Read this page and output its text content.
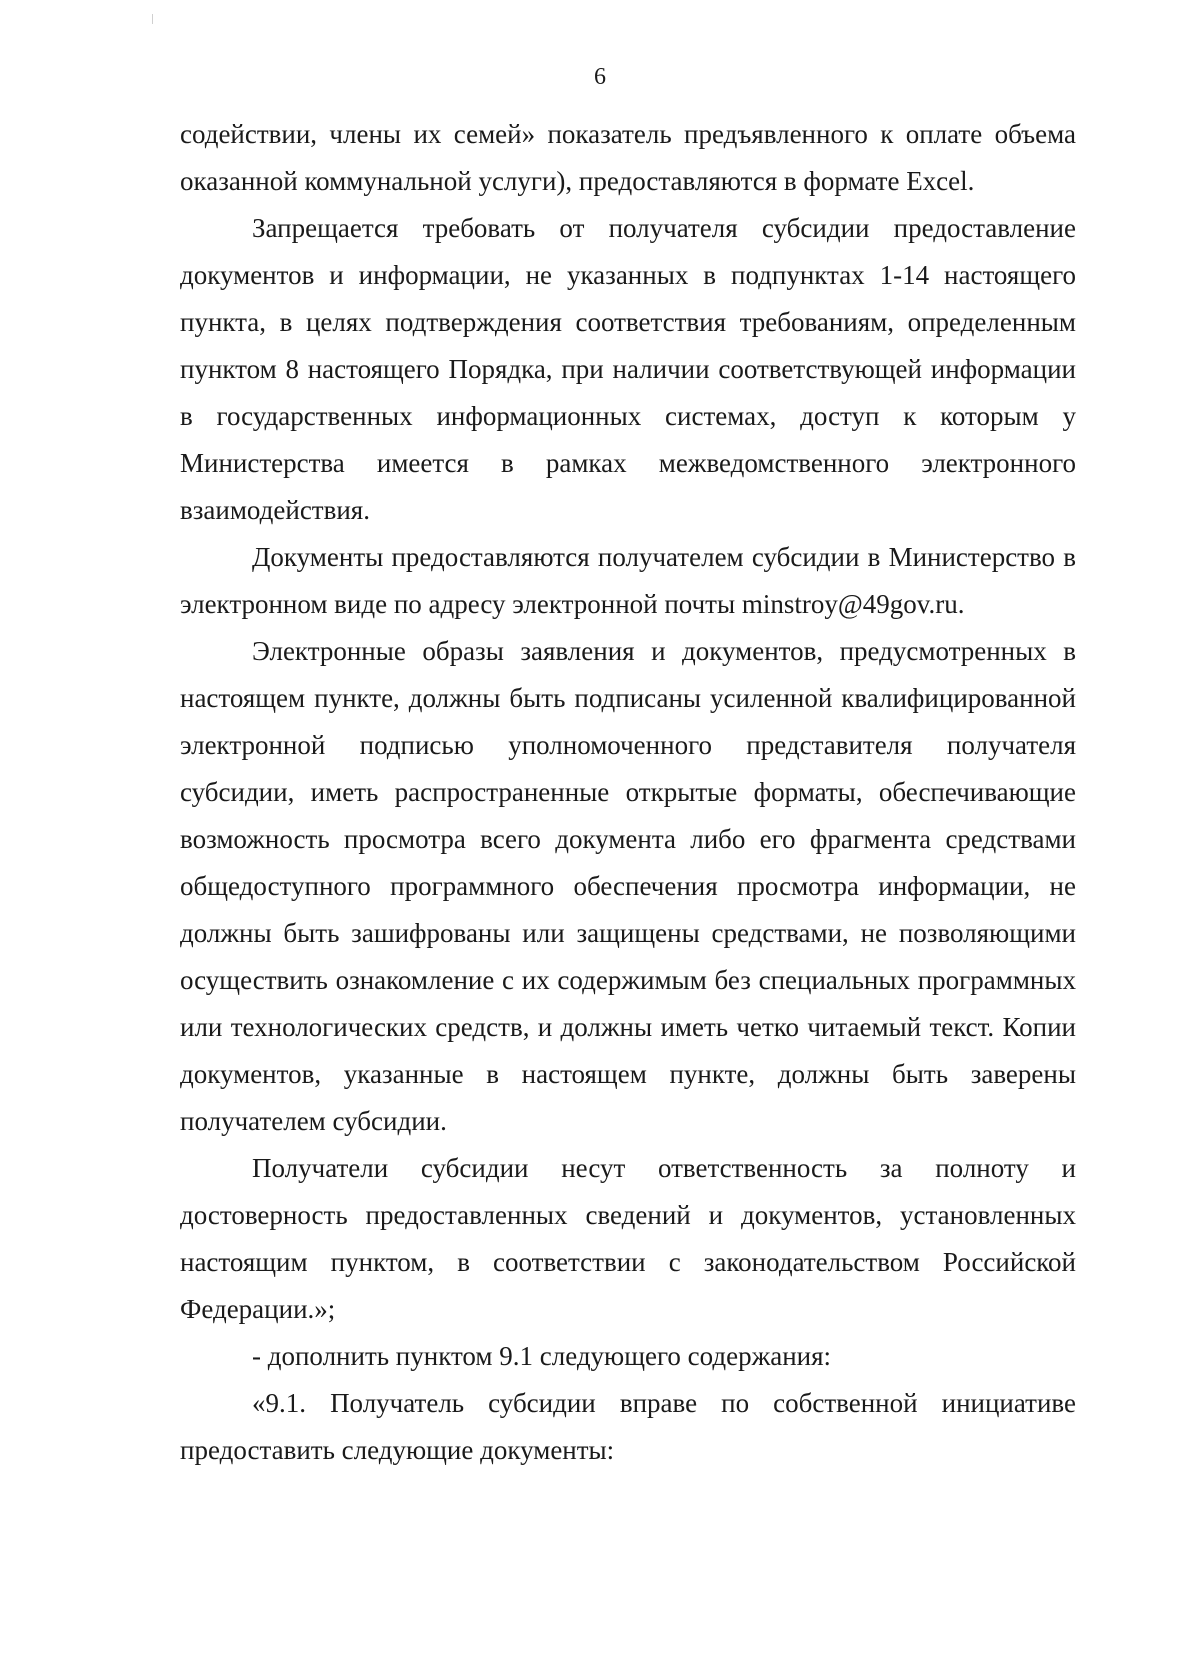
6

содействии, члены их семей» показатель предъявленного к оплате объема оказанной коммунальной услуги), предоставляются в формате Excel.

Запрещается требовать от получателя субсидии предоставление документов и информации, не указанных в подпунктах 1-14 настоящего пункта, в целях подтверждения соответствия требованиям, определенным пунктом 8 настоящего Порядка, при наличии соответствующей информации в государственных информационных системах, доступ к которым у Министерства имеется в рамках межведомственного электронного взаимодействия.

Документы предоставляются получателем субсидии в Министерство в электронном виде по адресу электронной почты minstroy@49gov.ru.

Электронные образы заявления и документов, предусмотренных в настоящем пункте, должны быть подписаны усиленной квалифицированной электронной подписью уполномоченного представителя получателя субсидии, иметь распространенные открытые форматы, обеспечивающие возможность просмотра всего документа либо его фрагмента средствами общедоступного программного обеспечения просмотра информации, не должны быть зашифрованы или защищены средствами, не позволяющими осуществить ознакомление с их содержимым без специальных программных или технологических средств, и должны иметь четко читаемый текст. Копии документов, указанные в настоящем пункте, должны быть заверены получателем субсидии.

Получатели субсидии несут ответственность за полноту и достоверность предоставленных сведений и документов, установленных настоящим пунктом, в соответствии с законодательством Российской Федерации.»;

- дополнить пунктом 9.1 следующего содержания:

«9.1. Получатель субсидии вправе по собственной инициативе предоставить следующие документы:
